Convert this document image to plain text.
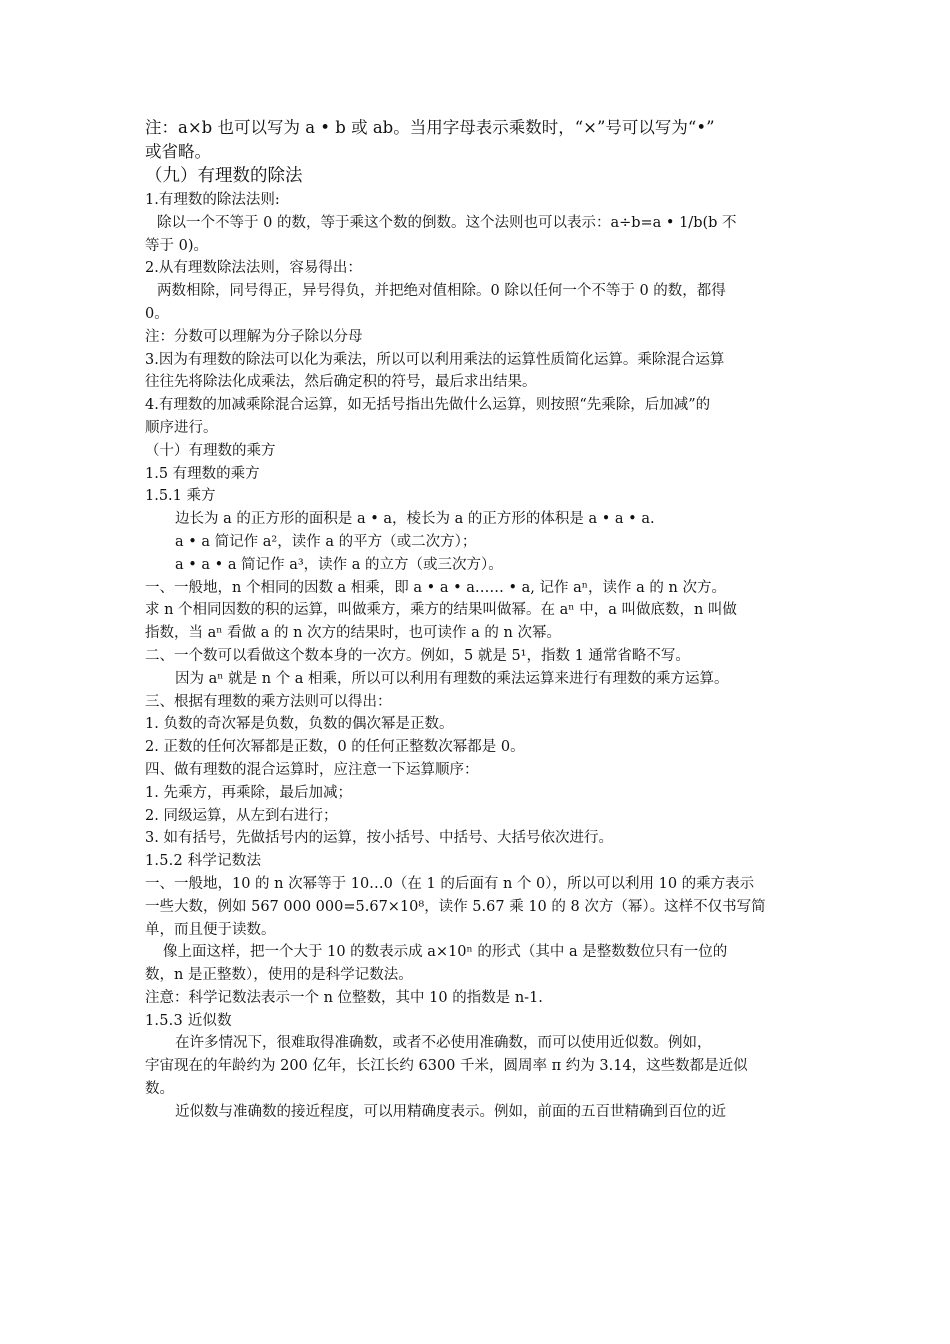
注：a×b 也可以写为 a • b 或 ab。当用字母表示乘数时，“×”号可以写为“•”

或省略。

（九）有理数的除法

1.有理数的除法法则:

除以一个不等于 0 的数，等于乘这个数的倒数。这个法则也可以表示：a÷b=a • 1/b(b 不

等于 0)。

2.从有理数除法法则，容易得出：

两数相除，同号得正，异号得负，并把绝对值相除。0 除以任何一个不等于 0 的数，都得

0。

注：分数可以理解为分子除以分母

3.因为有理数的除法可以化为乘法，所以可以利用乘法的运算性质简化运算。乘除混合运算

往往先将除法化成乘法，然后确定积的符号，最后求出结果。

4.有理数的加减乘除混合运算，如无括号指出先做什么运算，则按照“先乘除，后加减”的

顺序进行。

（十）有理数的乘方

1.5 有理数的乘方

1.5.1 乘方

边长为 a 的正方形的面积是 a • a，棱长为 a 的正方形的体积是 a • a • a.

a • a 简记作 a²，读作 a 的平方（或二次方）；

a • a • a 简记作 a³，读作 a 的立方（或三次方）。

一、一般地，n 个相同的因数 a 相乘，即 a • a • a…… • a, 记作 aⁿ，读作 a 的 n 次方。

求 n 个相同因数的积的运算，叫做乘方，乘方的结果叫做幂。在 aⁿ 中，a 叫做底数，n 叫做

指数，当 aⁿ 看做 a 的 n 次方的结果时，也可读作 a 的 n 次幂。

二、一个数可以看做这个数本身的一次方。例如，5 就是 5¹，指数 1 通常省略不写。

因为 aⁿ 就是 n 个 a 相乘，所以可以利用有理数的乘法运算来进行有理数的乘方运算。

三、根据有理数的乘方法则可以得出：

1. 负数的奇次幂是负数，负数的偶次幂是正数。

2. 正数的任何次幂都是正数，0 的任何正整数次幂都是 0。

四、做有理数的混合运算时，应注意一下运算顺序：

1. 先乘方，再乘除，最后加减；

2. 同级运算，从左到右进行；

3. 如有括号，先做括号内的运算，按小括号、中括号、大括号依次进行。

1.5.2 科学记数法

一、一般地，10 的 n 次幂等于 10…0（在 1 的后面有 n 个 0），所以可以利用 10 的乘方表示

一些大数，例如 567 000 000=5.67×10⁸，读作 5.67 乘 10 的 8 次方（幂）。这样不仅书写简

单，而且便于读数。

像上面这样，把一个大于 10 的数表示成 a×10ⁿ 的形式（其中 a 是整数数位只有一位的

数，n 是正整数），使用的是科学记数法。

注意：科学记数法表示一个 n 位整数，其中 10 的指数是 n-1.

1.5.3 近似数

在许多情况下，很难取得准确数，或者不必使用准确数，而可以使用近似数。例如，

宇宙现在的年龄约为 200 亿年，长江长约 6300 千米，圆周率 π 约为 3.14，这些数都是近似

数。

近似数与准确数的接近程度，可以用精确度表示。例如，前面的五百世精确到百位的近
